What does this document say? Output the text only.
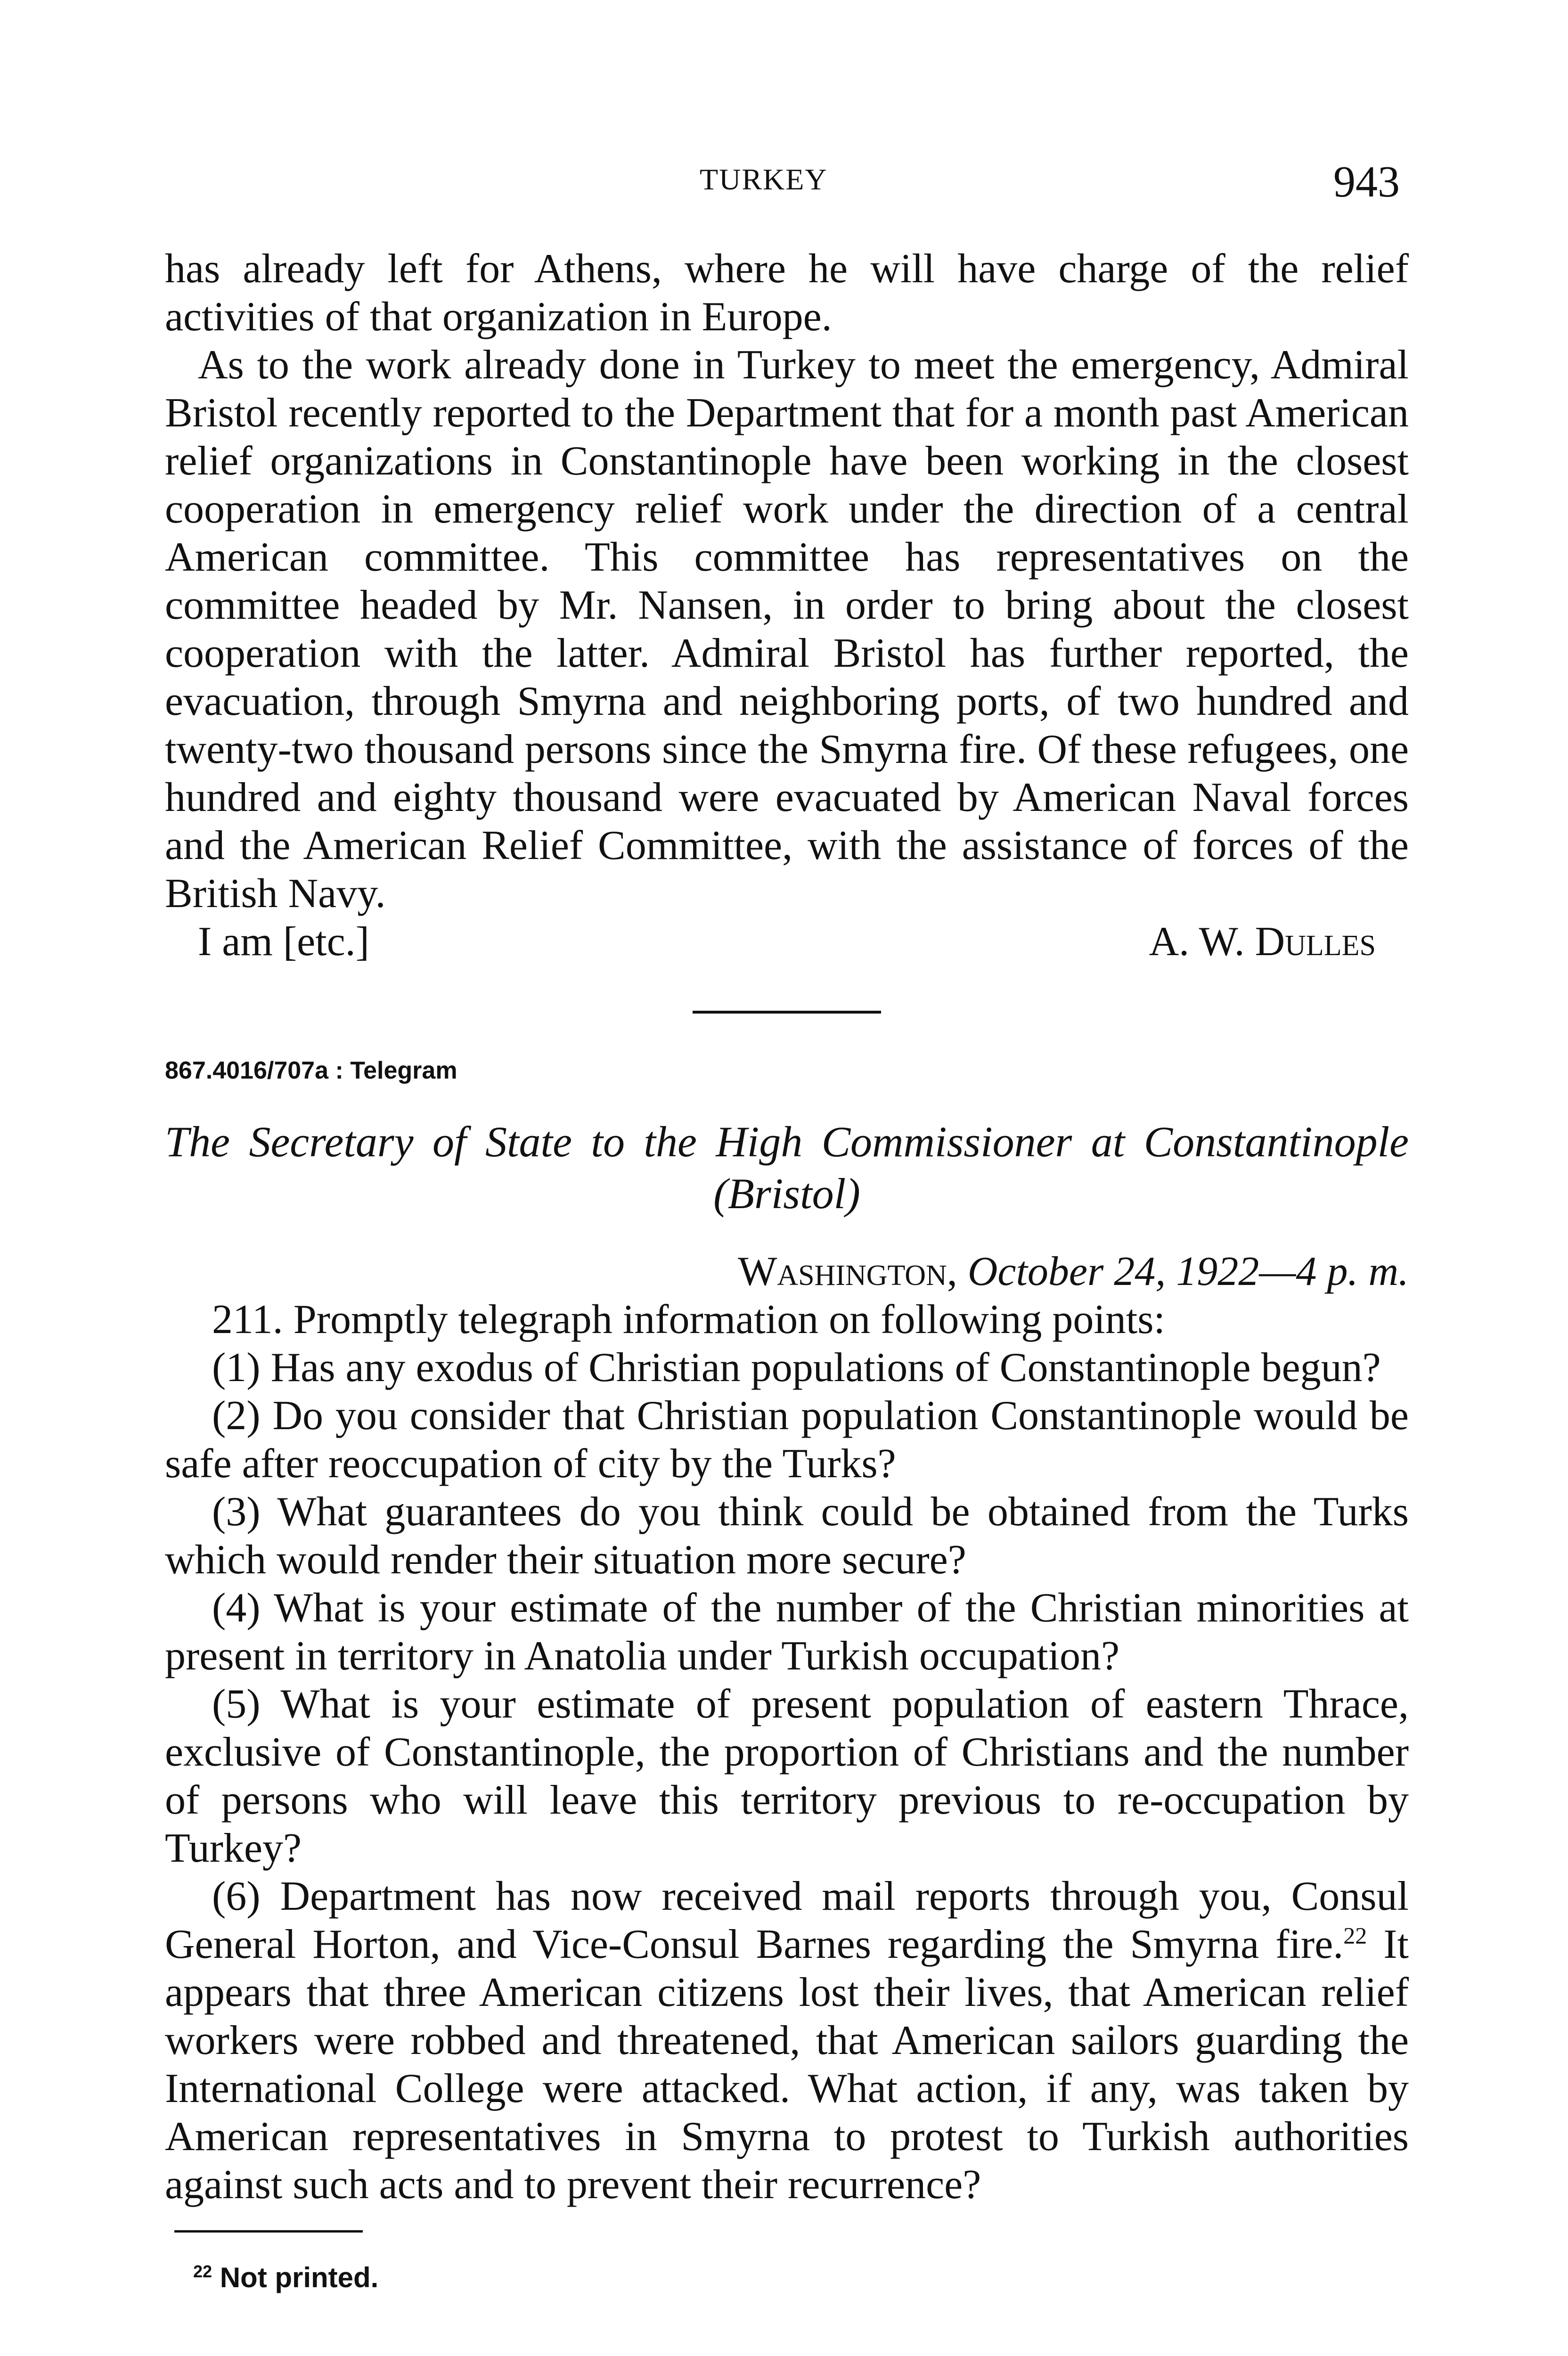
TURKEY	943

has already left for Athens, where he will have charge of the relief activities of that organization in Europe.

As to the work already done in Turkey to meet the emergency, Admiral Bristol recently reported to the Department that for a month past American relief organizations in Constantinople have been working in the closest cooperation in emergency relief work under the direction of a central American committee. This committee has representatives on the committee headed by Mr. Nansen, in order to bring about the closest cooperation with the latter. Admiral Bristol has further reported, the evacuation, through Smyrna and neighboring ports, of two hundred and twenty-two thousand persons since the Smyrna fire. Of these refugees, one hundred and eighty thousand were evacuated by American Naval forces and the American Relief Committee, with the assistance of forces of the British Navy.

I am [etc.]	A. W. Dulles
867.4016/707a : Telegram
The Secretary of State to the High Commissioner at Constantinople
(Bristol)

Washington, October 24, 1922—4 p. m.

211. Promptly telegraph information on following points:

(1) Has any exodus of Christian populations of Constantinople begun?

(2) Do you consider that Christian population Constantinople would be safe after reoccupation of city by the Turks?

(3) What guarantees do you think could be obtained from the Turks which would render their situation more secure?

(4) What is your estimate of the number of the Christian minorities at present in territory in Anatolia under Turkish occupation?

(5) What is your estimate of present population of eastern Thrace, exclusive of Constantinople, the proportion of Christians and the number of persons who will leave this territory previous to re-occupation by Turkey?

(6) Department has now received mail reports through you, Consul General Horton, and Vice-Consul Barnes regarding the Smyrna fire.$^{22}$ It appears that three American citizens lost their lives, that American relief workers were robbed and threatened, that American sailors guarding the International College were attacked. What action, if any, was taken by American representatives in Smyrna to protest to Turkish authorities against such acts and to prevent their recurrence?

$^{22}$ Not printed.
